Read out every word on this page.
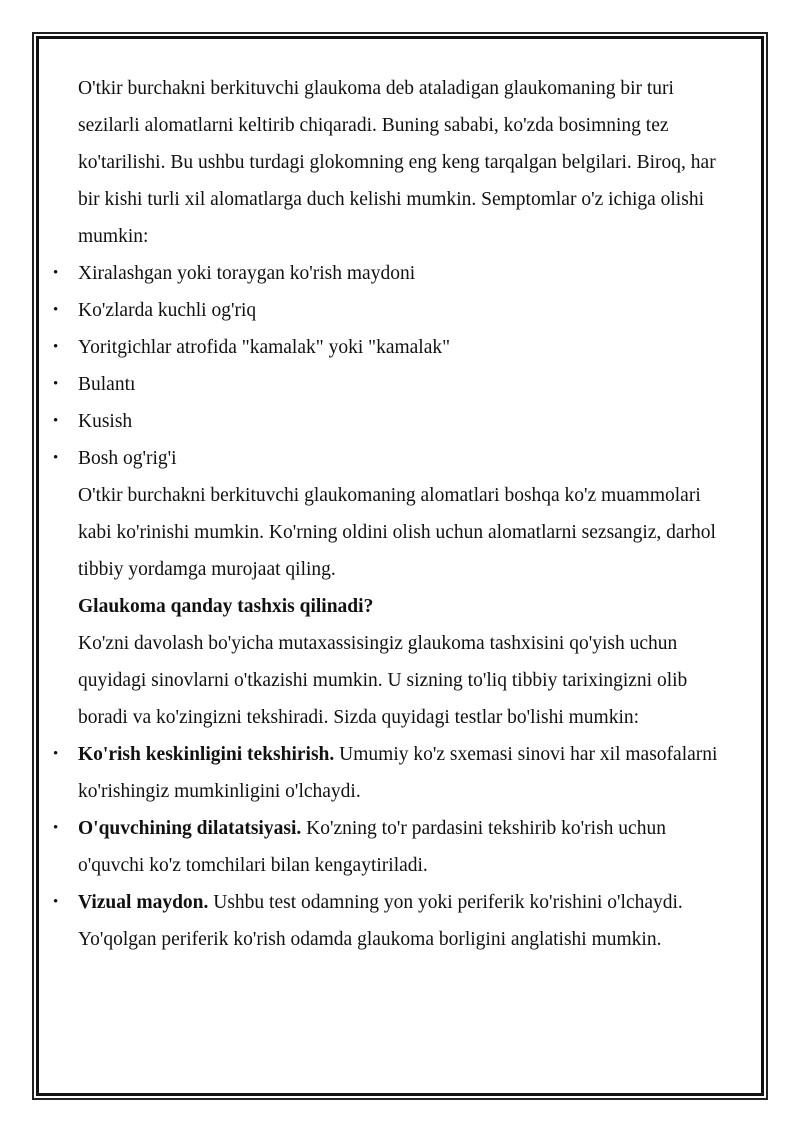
O'tkir burchakni berkituvchi glaukoma deb ataladigan glaukomaning bir turi sezilarli alomatlarni keltirib chiqaradi. Buning sababi, ko'zda bosimning tez ko'tarilishi. Bu ushbu turdagi glokomning eng keng tarqalgan belgilari. Biroq, har bir kishi turli xil alomatlarga duch kelishi mumkin. Semptomlar o'z ichiga olishi mumkin:

• Xiralashgan yoki toraygan ko'rish maydoni
• Ko'zlarda kuchli og'riq
• Yoritgichlar atrofida "kamalak" yoki "kamalak"
• Bulantı
• Kusish
• Bosh og'rig'i

O'tkir burchakni berkituvchi glaukomaning alomatlari boshqa ko'z muammolari kabi ko'rinishi mumkin. Ko'rning oldini olish uchun alomatlarni sezsangiz, darhol tibbiy yordamga murojaat qiling.

Glaukoma qanday tashxis qilinadi?

Ko'zni davolash bo'yicha mutaxassisingiz glaukoma tashxisini qo'yish uchun quyidagi sinovlarni o'tkazishi mumkin. U sizning to'liq tibbiy tarixingizni olib boradi va ko'zingizni tekshiradi. Sizda quyidagi testlar bo'lishi mumkin:

• Ko'rish keskinligini tekshirish. Umumiy ko'z sxemasi sinovi har xil masofalarni ko'rishingiz mumkinligini o'lchaydi.
• O'quvchining dilatatsiyasi. Ko'zning to'r pardasini tekshirib ko'rish uchun o'quvchi ko'z tomchilari bilan kengaytiriladi.
• Vizual maydon. Ushbu test odamning yon yoki periferik ko'rishini o'lchaydi. Yo'qolgan periferik ko'rish odamda glaukoma borligini anglatishi mumkin.
